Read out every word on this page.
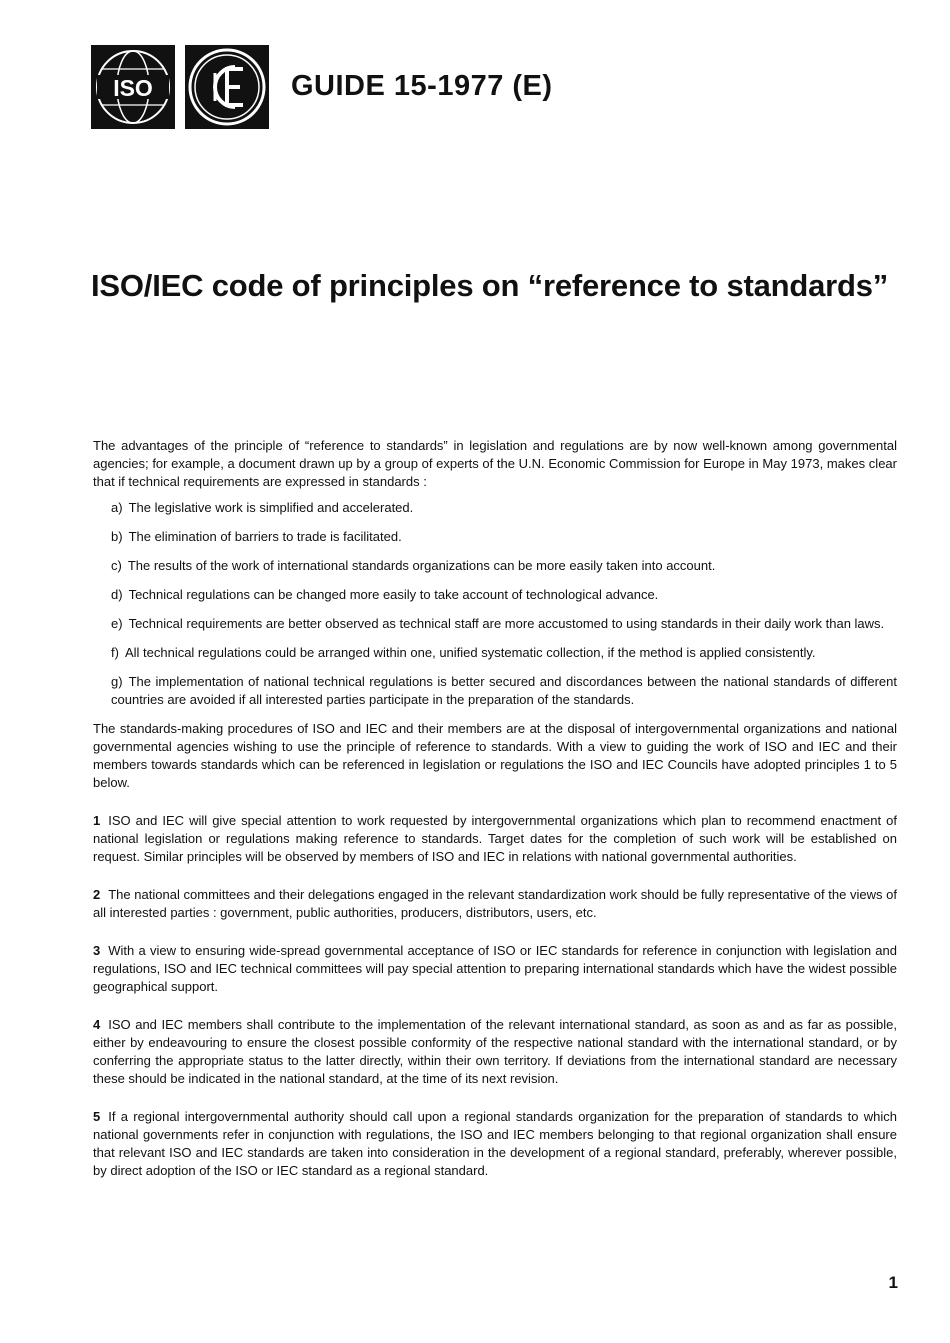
ISO	GUIDE 15-1977 (E)
ISO/IEC code of principles on “reference to standards”

The advantages of the principle of “reference to standards” in legislation and regulations are by now well-known among governmental agencies; for example, a document drawn up by a group of experts of the U.N. Economic Commission for Europe in May 1973, makes clear that if technical requirements are expressed in standards :

a) The legislative work is simplified and accelerated.
b) The elimination of barriers to trade is facilitated.
c) The results of the work of international standards organizations can be more easily taken into account.
d) Technical regulations can be changed more easily to take account of technological advance.
e) Technical requirements are better observed as technical staff are more accustomed to using standards in their daily work than laws.
f) All technical regulations could be arranged within one, unified systematic collection, if the method is applied consistently.
g) The implementation of national technical regulations is better secured and discordances between the national standards of different countries are avoided if all interested parties participate in the preparation of the standards.

The standards-making procedures of ISO and IEC and their members are at the disposal of intergovernmental organizations and national governmental agencies wishing to use the principle of reference to standards. With a view to guiding the work of ISO and IEC and their members towards standards which can be referenced in legislation or regulations the ISO and IEC Councils have adopted principles 1 to 5 below.

1 ISO and IEC will give special attention to work requested by intergovernmental organizations which plan to recommend enactment of national legislation or regulations making reference to standards. Target dates for the completion of such work will be established on request. Similar principles will be observed by members of ISO and IEC in relations with national governmental authorities.

2 The national committees and their delegations engaged in the relevant standardization work should be fully representative of the views of all interested parties : government, public authorities, producers, distributors, users, etc.

3 With a view to ensuring wide-spread governmental acceptance of ISO or IEC standards for reference in conjunction with legislation and regulations, ISO and IEC technical committees will pay special attention to preparing international standards which have the widest possible geographical support.

4 ISO and IEC members shall contribute to the implementation of the relevant international standard, as soon as and as far as possible, either by endeavouring to ensure the closest possible conformity of the respective national standard with the international standard, or by conferring the appropriate status to the latter directly, within their own territory. If deviations from the international standard are necessary these should be indicated in the national standard, at the time of its next revision.

5 If a regional intergovernmental authority should call upon a regional standards organization for the preparation of standards to which national governments refer in conjunction with regulations, the ISO and IEC members belonging to that regional organization shall ensure that relevant ISO and IEC standards are taken into consideration in the development of a regional standard, preferably, wherever possible, by direct adoption of the ISO or IEC standard as a regional standard.

1
